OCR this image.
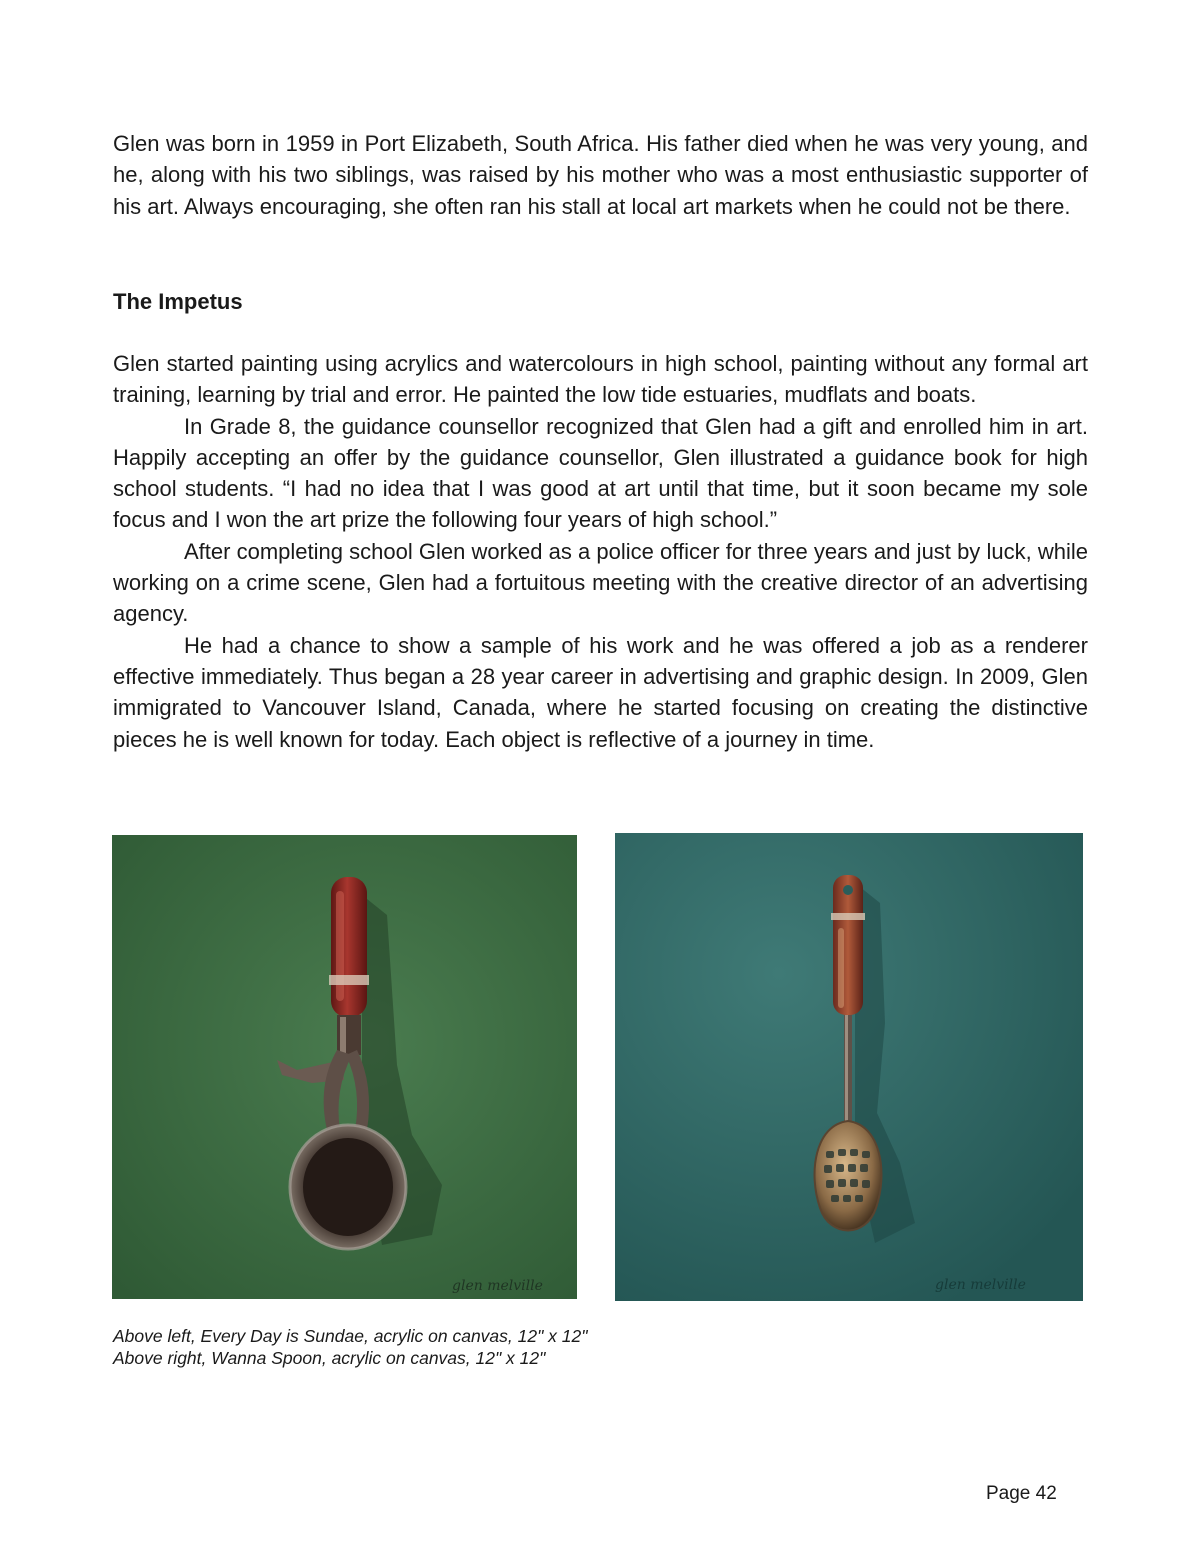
Glen was born in 1959 in Port Elizabeth, South Africa. His father died when he was very young, and he, along with his two siblings, was raised by his mother who was a most enthusiastic supporter of his art. Always encouraging, she often ran his stall at local art markets when he could not be there.

The Impetus

Glen started painting using acrylics and watercolours in high school, painting without any formal art training, learning by trial and error. He painted the low tide estuaries, mudflats and boats.

In Grade 8, the guidance counsellor recognized that Glen had a gift and enrolled him in art. Happily accepting an offer by the guidance counsellor, Glen illustrated a guidance book for high school students. “I had no idea that I was good at art until that time, but it soon became my sole focus and I won the art prize the following four years of high school.”

After completing school Glen worked as a police officer for three years and just by luck, while working on a crime scene, Glen had a fortuitous meeting with the creative director of an advertising agency.

He had a chance to show a sample of his work and he was offered a job as a renderer effective immediately. Thus began a 28 year career in advertising and graphic design. In 2009, Glen immigrated to Vancouver Island, Canada, where he started focusing on creating the distinctive pieces he is well known for today. Each object is reflective of a journey in time.

glen melville	glen melville
Above left, Every Day is Sundae, acrylic on canvas, 12" x 12"
Above right, Wanna Spoon, acrylic on canvas, 12" x 12"
Page 42
